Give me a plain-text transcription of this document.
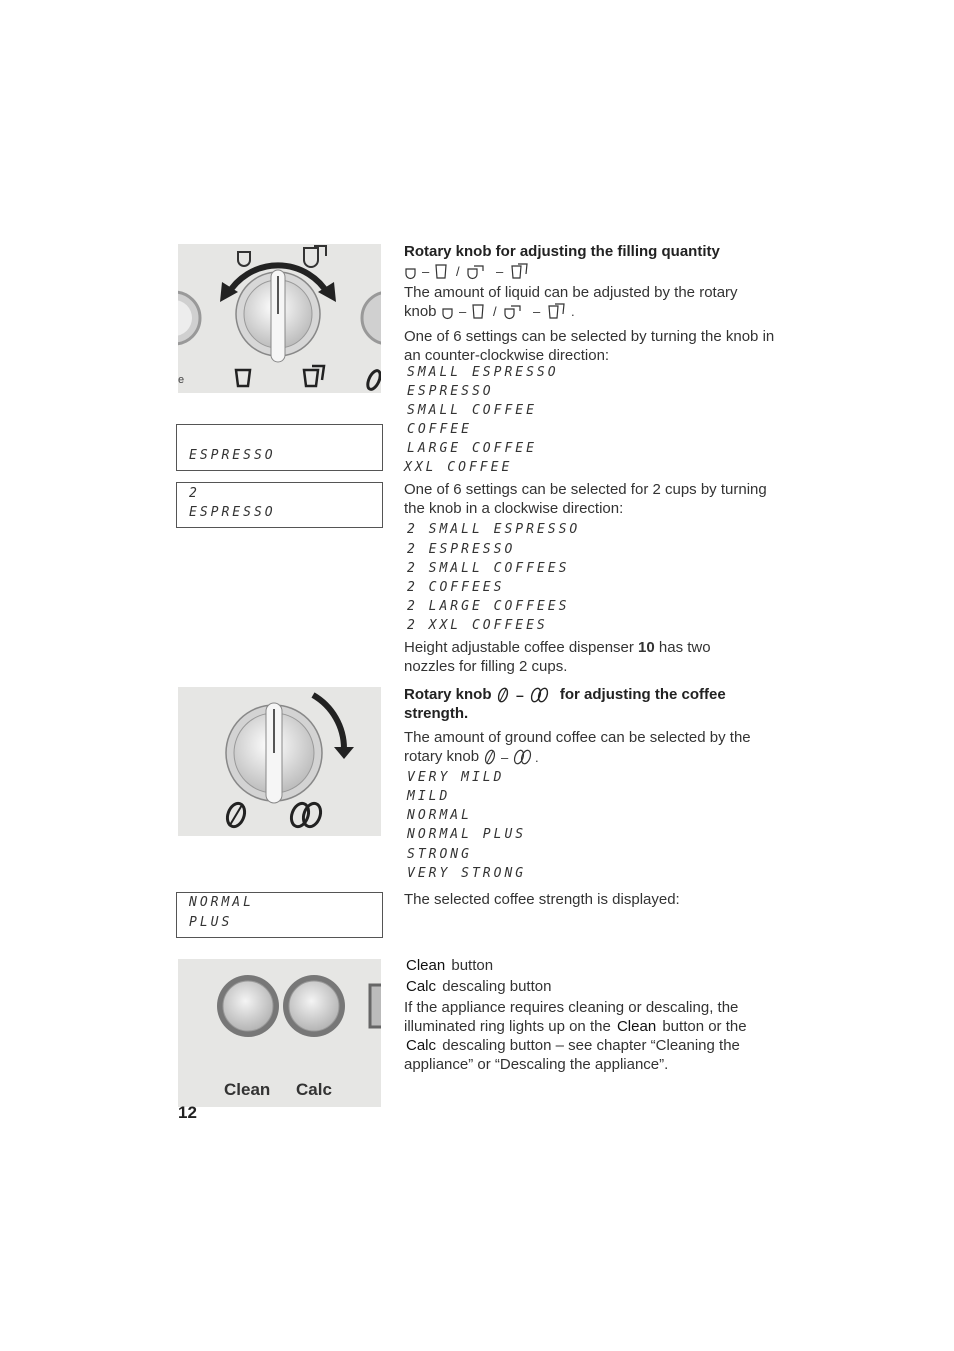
e
ESPRESSO
2
ESPRESSO
Rotary knob for adjusting the filling quantity
– /	–
The amount of liquid can be adjusted by the rotary
knob – /	– .
One of 6 settings can be selected by turning the knob in an counter-clockwise direction:
SMALL ESPRESSO
ESPRESSO
SMALL COFFEE
COFFEE
LARGE COFFEE
XXL COFFEE
One of 6 settings can be selected for 2 cups by turning the knob in a clockwise direction:
2 SMALL ESPRESSO
2 ESPRESSO
2 SMALL COFFEES
2 COFFEES
2 LARGE COFFEES
2 XXL COFFEES
Height adjustable coffee dispenser 10 has two
nozzles for filling 2 cups.
Rotary knob – for adjusting the coffee
strength.
The amount of ground coffee can be selected by the
rotary knob – .
VERY MILD
MILD
NORMAL
NORMAL PLUS
STRONG
VERY STRONG
NORMAL
PLUS
The selected coffee strength is displayed:
Clean Calc
Clean button
Calc descaling button
If the appliance requires cleaning or descaling, the
illuminated ring lights up on the Clean button or the
Calc descaling button – see chapter “Cleaning the
appliance” or “Descaling the appliance”.
12
